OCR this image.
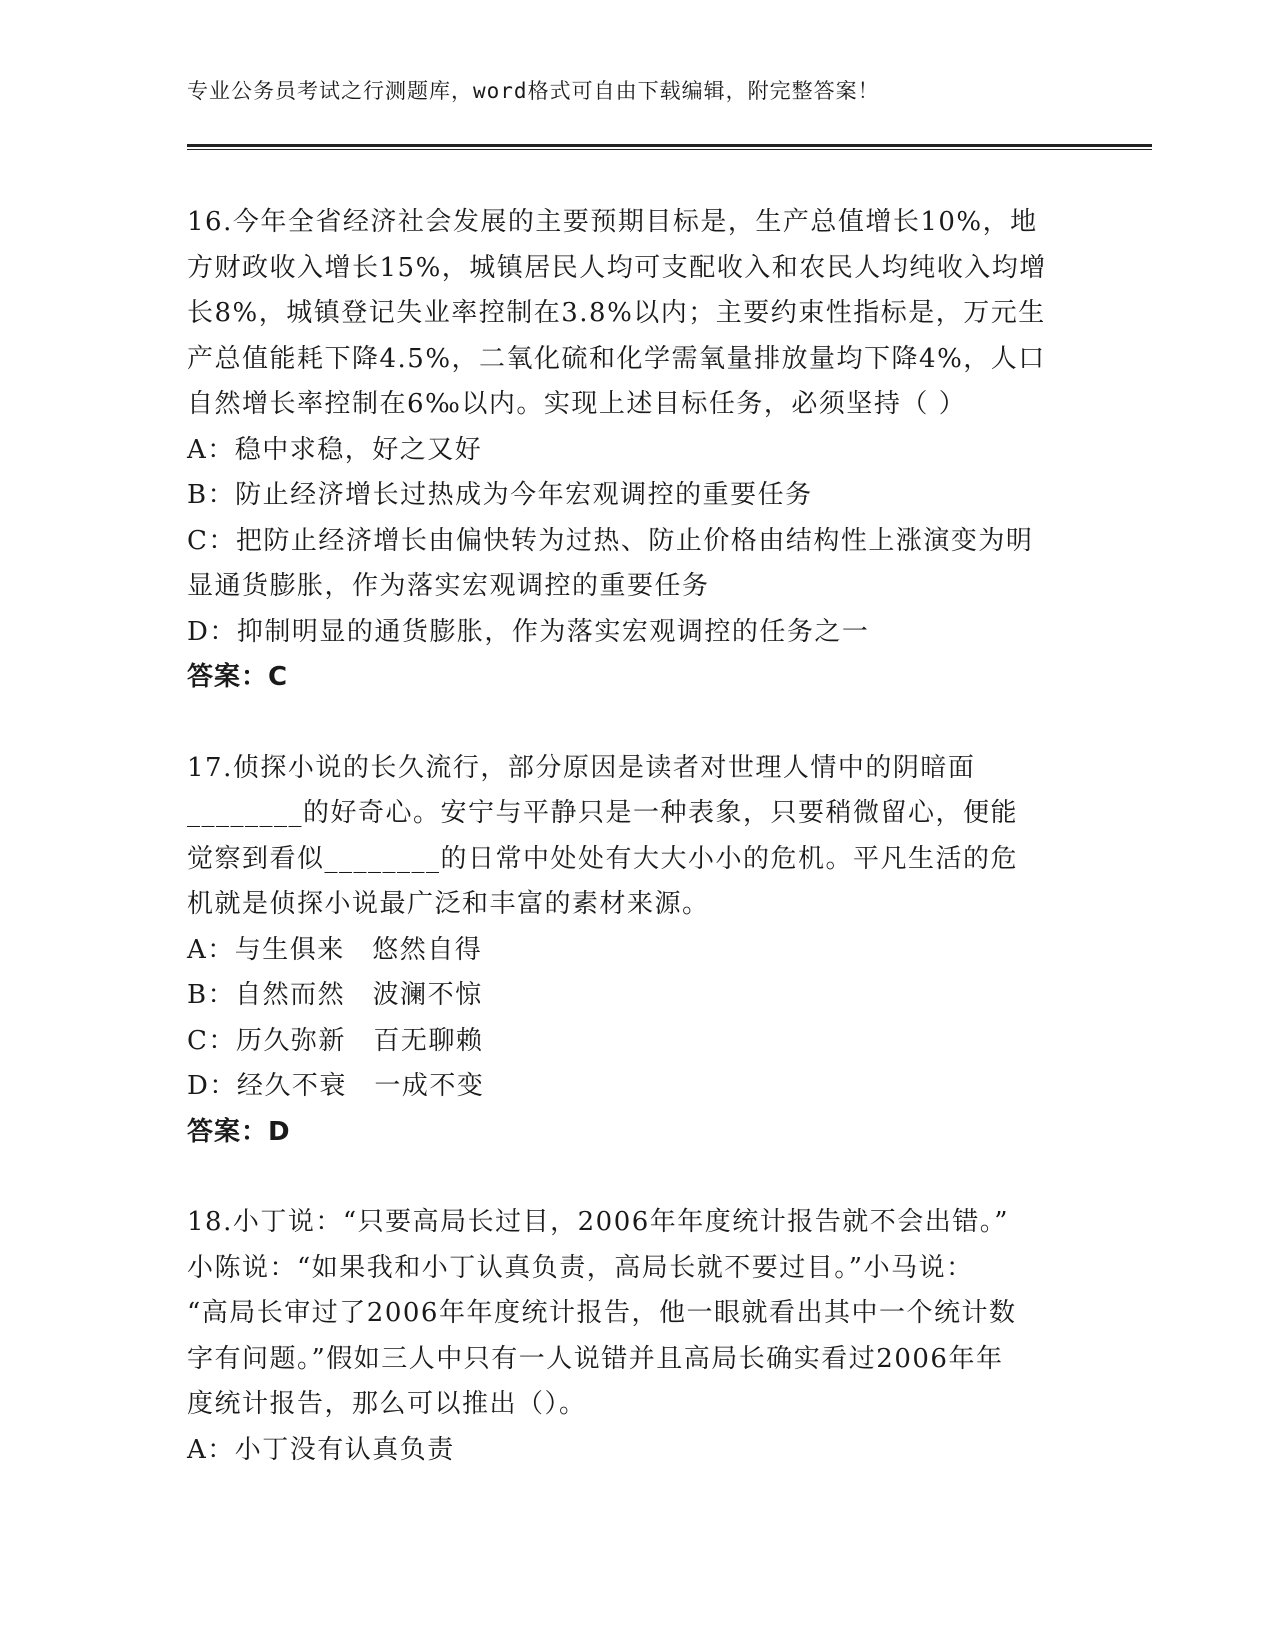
专业公务员考试之行测题库，word格式可自由下载编辑，附完整答案！
16.今年全省经济社会发展的主要预期目标是，生产总值增长10%，地
方财政收入增长15%，城镇居民人均可支配收入和农民人均纯收入均增
长8%，城镇登记失业率控制在3.8%以内；主要约束性指标是，万元生
产总值能耗下降4.5%，二氧化硫和化学需氧量排放量均下降4%，人口
自然增长率控制在6‰以内。实现上述目标任务，必须坚持（ ）
A：稳中求稳，好之又好
B：防止经济增长过热成为今年宏观调控的重要任务
C：把防止经济增长由偏快转为过热、防止价格由结构性上涨演变为明
显通货膨胀，作为落实宏观调控的重要任务
D：抑制明显的通货膨胀，作为落实宏观调控的任务之一
答案：C
17.侦探小说的长久流行，部分原因是读者对世理人情中的阴暗面
________的好奇心。安宁与平静只是一种表象，只要稍微留心，便能
觉察到看似________的日常中处处有大大小小的危机。平凡生活的危
机就是侦探小说最广泛和丰富的素材来源。
A：与生俱来　悠然自得
B：自然而然　波澜不惊
C：历久弥新　百无聊赖
D：经久不衰　一成不变
答案：D
18.小丁说：“只要高局长过目，2006年年度统计报告就不会出错。”
小陈说：“如果我和小丁认真负责，高局长就不要过目。”小马说：
“高局长审过了2006年年度统计报告，他一眼就看出其中一个统计数
字有问题。”假如三人中只有一人说错并且高局长确实看过2006年年
度统计报告，那么可以推出（）。
A：小丁没有认真负责
